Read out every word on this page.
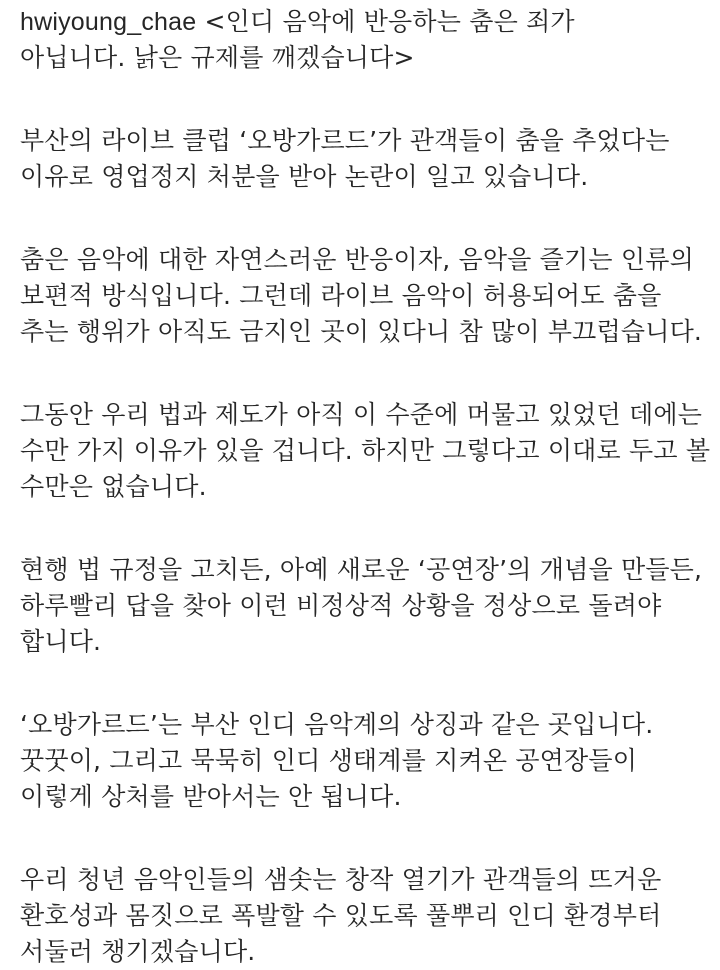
hwiyoung_chae <인디 음악에 반응하는 춤은 죄가
아닙니다. 낡은 규제를 깨겠습니다>
부산의 라이브 클럽 ‘오방가르드’가 관객들이 춤을 추었다는
이유로 영업정지 처분을 받아 논란이 일고 있습니다.
춤은 음악에 대한 자연스러운 반응이자, 음악을 즐기는 인류의
보편적 방식입니다. 그런데 라이브 음악이 허용되어도 춤을
추는 행위가 아직도 금지인 곳이 있다니 참 많이 부끄럽습니다.
그동안 우리 법과 제도가 아직 이 수준에 머물고 있었던 데에는
수만 가지 이유가 있을 겁니다. 하지만 그렇다고 이대로 두고 볼
수만은 없습니다.
현행 법 규정을 고치든, 아예 새로운 ‘공연장’의 개념을 만들든,
하루빨리 답을 찾아 이런 비정상적 상황을 정상으로 돌려야
합니다.
‘오방가르드’는 부산 인디 음악계의 상징과 같은 곳입니다.
꿋꿋이, 그리고 묵묵히 인디 생태계를 지켜온 공연장들이
이렇게 상처를 받아서는 안 됩니다.
우리 청년 음악인들의 샘솟는 창작 열기가 관객들의 뜨거운
환호성과 몸짓으로 폭발할 수 있도록 풀뿌리 인디 환경부터
서둘러 챙기겠습니다.
